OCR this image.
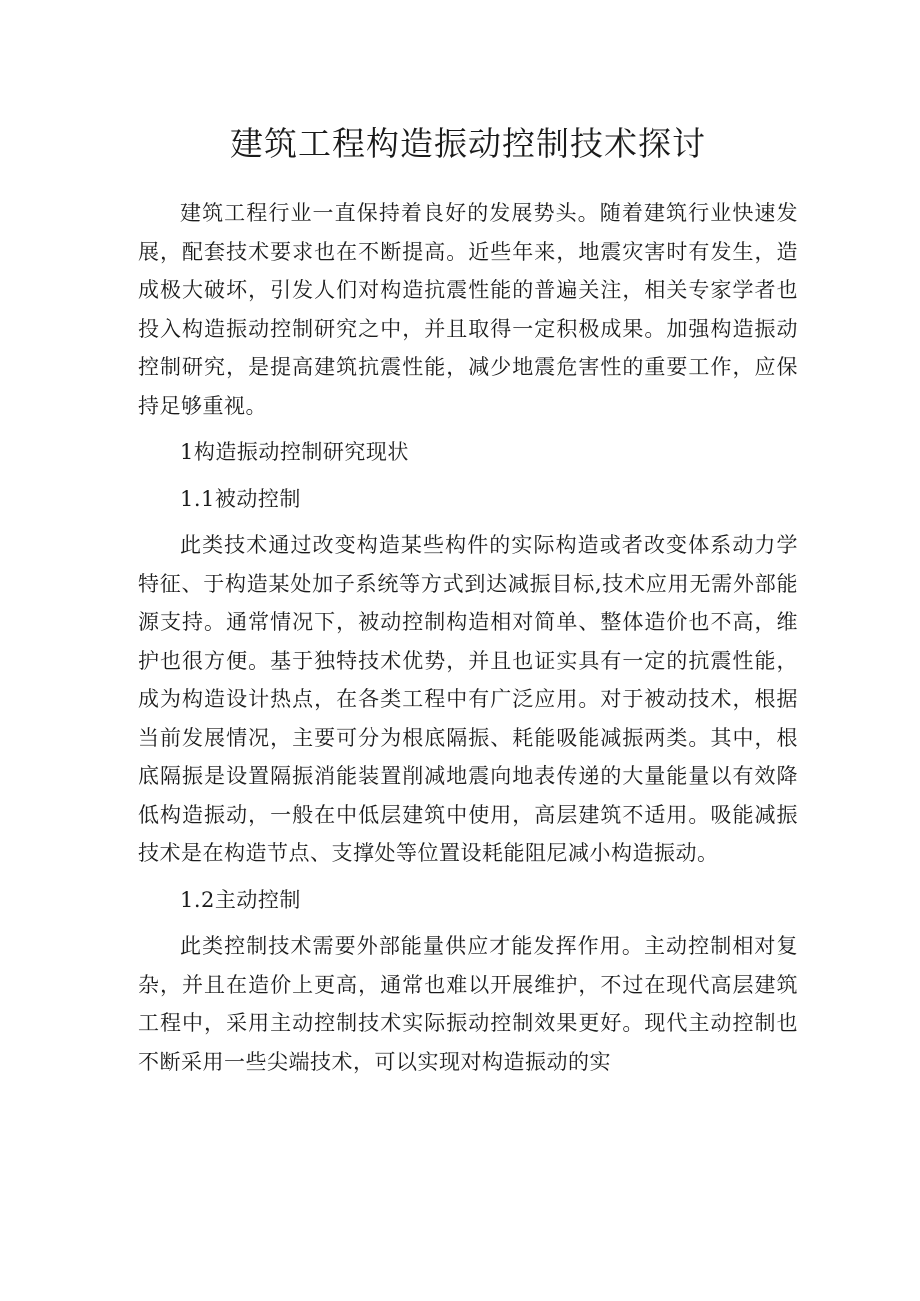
建筑工程构造振动控制技术探讨

建筑工程行业一直保持着良好的发展势头。随着建筑行业快速发展，配套技术要求也在不断提高。近些年来，地震灾害时有发生，造成极大破坏，引发人们对构造抗震性能的普遍关注，相关专家学者也投入构造振动控制研究之中，并且取得一定积极成果。加强构造振动控制研究，是提高建筑抗震性能，减少地震危害性的重要工作，应保持足够重视。

1构造振动控制研究现状

1.1被动控制

此类技术通过改变构造某些构件的实际构造或者改变体系动力学特征、于构造某处加子系统等方式到达减振目标,技术应用无需外部能源支持。通常情况下，被动控制构造相对简单、整体造价也不高，维护也很方便。基于独特技术优势，并且也证实具有一定的抗震性能，成为构造设计热点，在各类工程中有广泛应用。对于被动技术，根据当前发展情况，主要可分为根底隔振、耗能吸能减振两类。其中，根底隔振是设置隔振消能装置削减地震向地表传递的大量能量以有效降低构造振动，一般在中低层建筑中使用，高层建筑不适用。吸能减振技术是在构造节点、支撑处等位置设耗能阻尼减小构造振动。

1.2主动控制

此类控制技术需要外部能量供应才能发挥作用。主动控制相对复杂，并且在造价上更高，通常也难以开展维护，不过在现代高层建筑工程中，采用主动控制技术实际振动控制效果更好。现代主动控制也不断采用一些尖端技术，可以实现对构造振动的实
